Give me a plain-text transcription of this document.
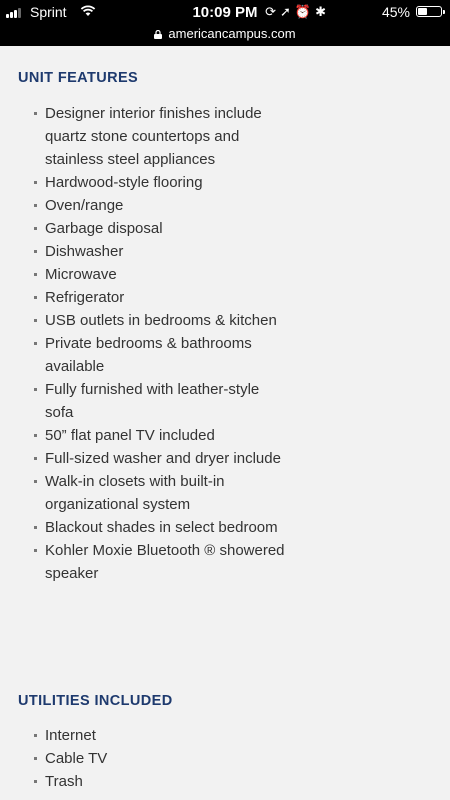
Sprint	10:09 PM ⟳➚⏰✱	45%
americancampus.com
UNIT FEATURES
Designer interior finishes include quartz stone countertops and stainless steel appliances
Hardwood-style flooring
Oven/range
Garbage disposal
Dishwasher
Microwave
Refrigerator
USB outlets in bedrooms & kitchen
Private bedrooms & bathrooms available
Fully furnished with leather-style sofa
50” flat panel TV included
Full-sized washer and dryer include
Walk-in closets with built-in organizational system
Blackout shades in select bedroom
Kohler Moxie Bluetooth ® showered speaker
UTILITIES INCLUDED
Internet
Cable TV
Trash
